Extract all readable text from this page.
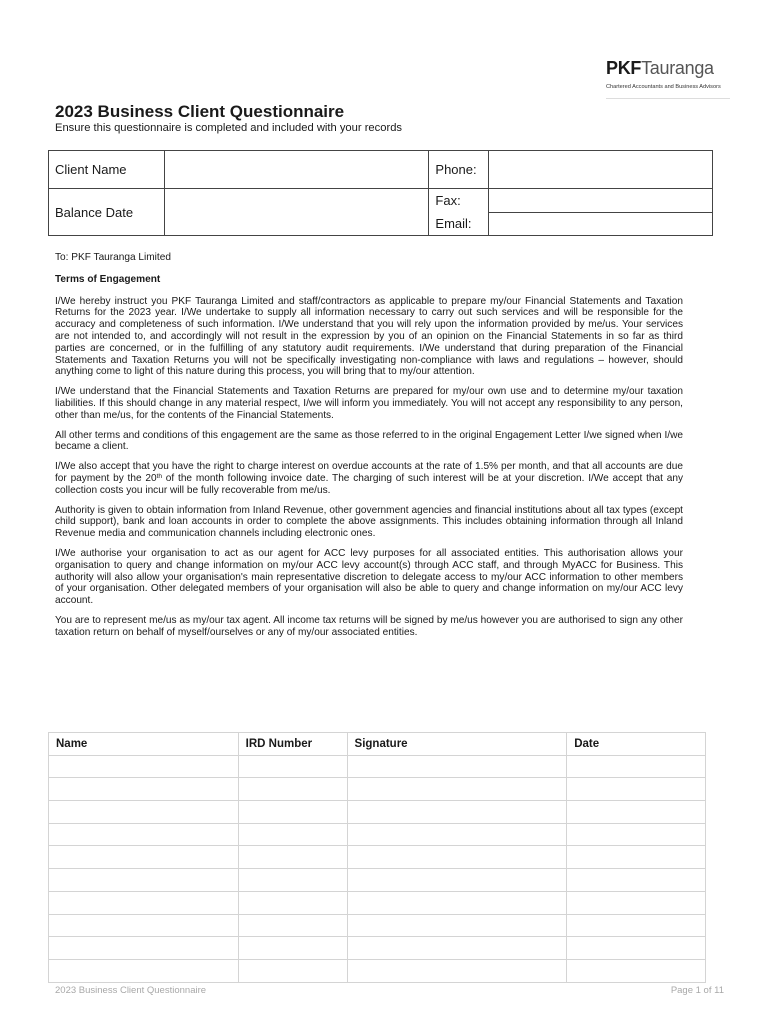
PKFTauranga
Chartered Accountants and Business Advisors
2023 Business Client Questionnaire
Ensure this questionnaire is completed and included with your records
Client Name		Phone:	
Balance Date		Fax:	
		Email:	

To: PKF Tauranga Limited

Terms of Engagement

I/We hereby instruct you PKF Tauranga Limited and staff/contractors as applicable to prepare my/our Financial Statements and Taxation Returns for the 2023 year. I/We undertake to supply all information necessary to carry out such services and will be responsible for the accuracy and completeness of such information. I/We understand that you will rely upon the information provided by me/us. Your services are not intended to, and accordingly will not result in the expression by you of an opinion on the Financial Statements in so far as third parties are concerned, or in the fulfilling of any statutory audit requirements. I/We understand that during preparation of the Financial Statements and Taxation Returns you will not be specifically investigating non-compliance with laws and regulations – however, should anything come to light of this nature during this process, you will bring that to my/our attention.

I/We understand that the Financial Statements and Taxation Returns are prepared for my/our own use and to determine my/our taxation liabilities. If this should change in any material respect, I/we will inform you immediately. You will not accept any responsibility to any person, other than me/us, for the contents of the Financial Statements.

All other terms and conditions of this engagement are the same as those referred to in the original Engagement Letter I/we signed when I/we became a client.

I/We also accept that you have the right to charge interest on overdue accounts at the rate of 1.5% per month, and that all accounts are due for payment by the 20th of the month following invoice date. The charging of such interest will be at your discretion. I/We accept that any collection costs you incur will be fully recoverable from me/us.

Authority is given to obtain information from Inland Revenue, other government agencies and financial institutions about all tax types (except child support), bank and loan accounts in order to complete the above assignments. This includes obtaining information through all Inland Revenue media and communication channels including electronic ones.

I/We authorise your organisation to act as our agent for ACC levy purposes for all associated entities. This authorisation allows your organisation to query and change information on my/our ACC levy account(s) through ACC staff, and through MyACC for Business. This authority will also allow your organisation's main representative discretion to delegate access to my/our ACC information to other members of your organisation. Other delegated members of your organisation will also be able to query and change information on my/our ACC levy account.

You are to represent me/us as my/our tax agent. All income tax returns will be signed by me/us however you are authorised to sign any other taxation return on behalf of myself/ourselves or any of my/our associated entities.

Name	IRD Number	Signature	Date

2023 Business Client Questionnaire	Page 1 of 11
